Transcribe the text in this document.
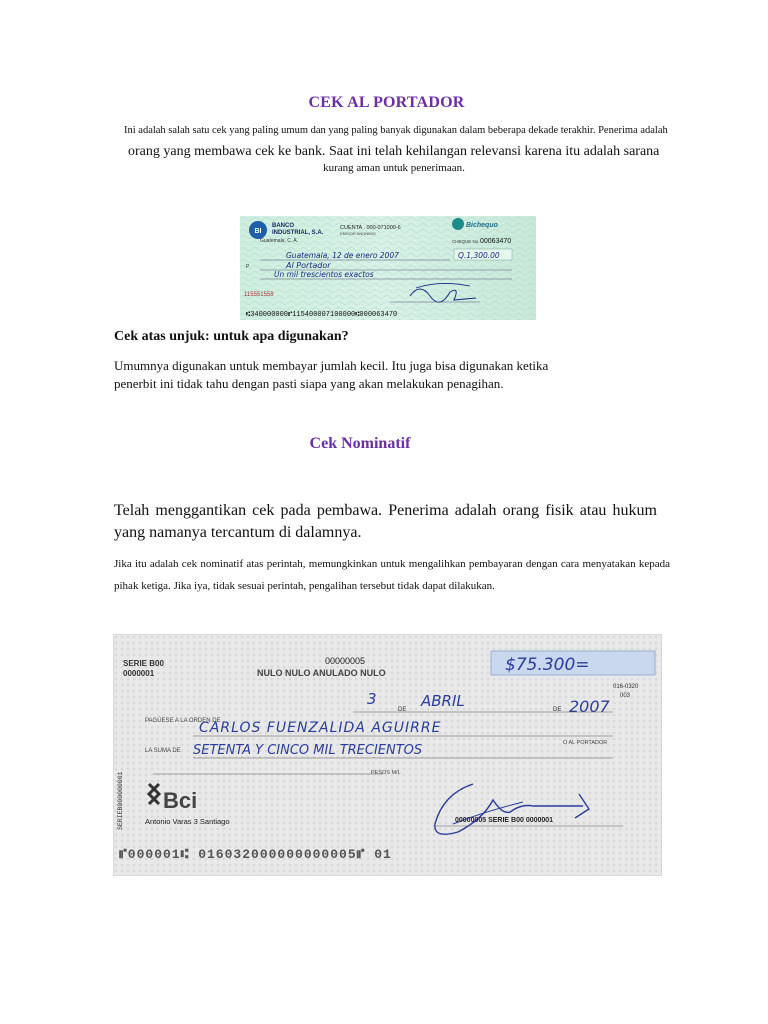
CEK AL PORTADOR
Ini adalah salah satu cek yang paling umum dan yang paling banyak digunakan dalam beberapa dekade terakhir. Penerima adalah
orang yang membawa cek ke bank. Saat ini telah kehilangan relevansi karena itu adalah sarana
kurang aman untuk penerimaan.
BI
BANCO
INDUSTRIAL, S.A.
Guatemala, C. A.
CUENTA . 000-071000-6
EMISOR ANONIMO
Bichequo
CHEQUE No. 00063470
Guatemala, 12 de enero 2007	Q.1,300.00
P	Al Portador
Un mil trescientos exactos
115551558
⑆340000000⑈115400007100000⑆000063470
Cek atas unjuk: untuk apa digunakan?
Umumnya digunakan untuk membayar jumlah kecil. Itu juga bisa digunakan ketika penerbit ini tidak tahu dengan pasti siapa yang akan melakukan penagihan.
Cek Nominatif
Telah menggantikan cek pada pembawa. Penerima adalah orang fisik atau hukum yang namanya tercantum di dalamnya.
Jika itu adalah cek nominatif atas perintah, memungkinkan untuk mengalihkan pembayaran dengan cara menyatakan kepada pihak ketiga. Jika iya, tidak sesuai perintah, pengalihan tersebut tidak dapat dilakukan.
SERIE B00
0000001
00000005
NULO NULO ANULADO NULO	$75.300=
016-0320
003
3
DE ABRIL	DE 2007
PAGÚESE A LA ORDEN DE
CARLOS FUENZALIDA AGUIRRE
O AL PORTADOR
LA SUMA DE SETENTA Y CINCO MIL TRECIENTOS
PESOS M/L
SERIEB000000001 Bci
Antonio Varas 3 Santiago	00000005 SERIE B00 0000001
⑈000001⑆ 016032000000000005⑈ 01
